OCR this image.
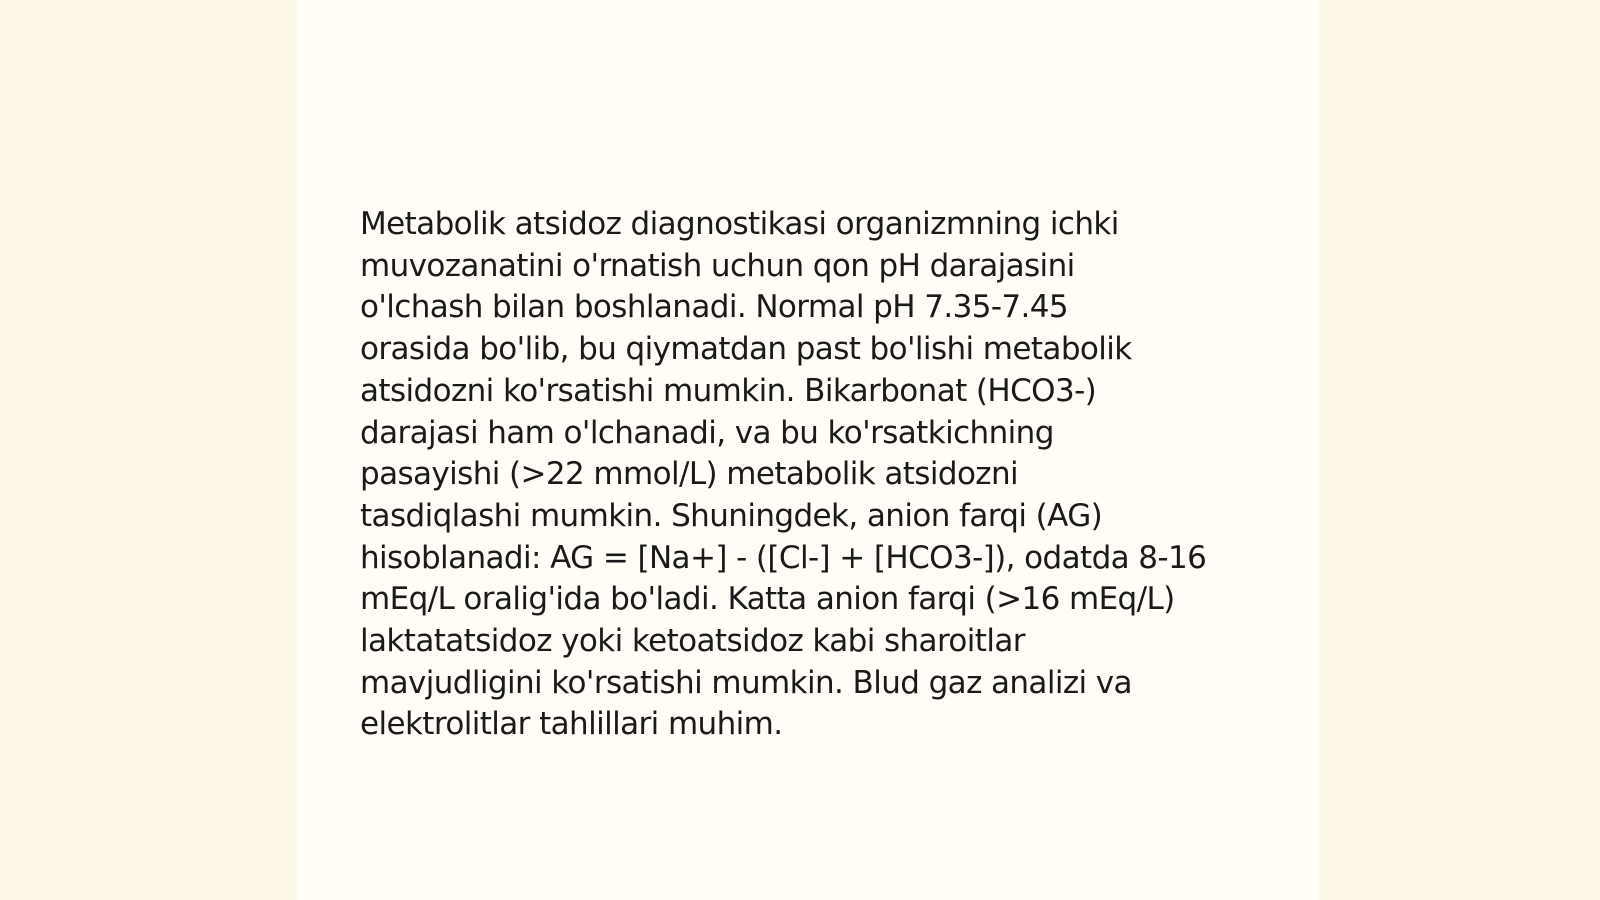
Metabolik atsidoz diagnostikasi organizmning ichki
muvozanatini o'rnatish uchun qon pH darajasini
o'lchash bilan boshlanadi. Normal pH 7.35-7.45
orasida bo'lib, bu qiymatdan past bo'lishi metabolik
atsidozni ko'rsatishi mumkin. Bikarbonat (HCO3-)
darajasi ham o'lchanadi, va bu ko'rsatkichning
pasayishi (>22 mmol/L) metabolik atsidozni
tasdiqlashi mumkin. Shuningdek, anion farqi (AG)
hisoblanadi: AG = [Na+] - ([Cl-] + [HCO3-]), odatda 8-16
mEq/L oralig'ida bo'ladi. Katta anion farqi (>16 mEq/L)
laktatatsidoz yoki ketoatsidoz kabi sharoitlar
mavjudligini ko'rsatishi mumkin. Blud gaz analizi va
elektrolitlar tahlillari muhim.
